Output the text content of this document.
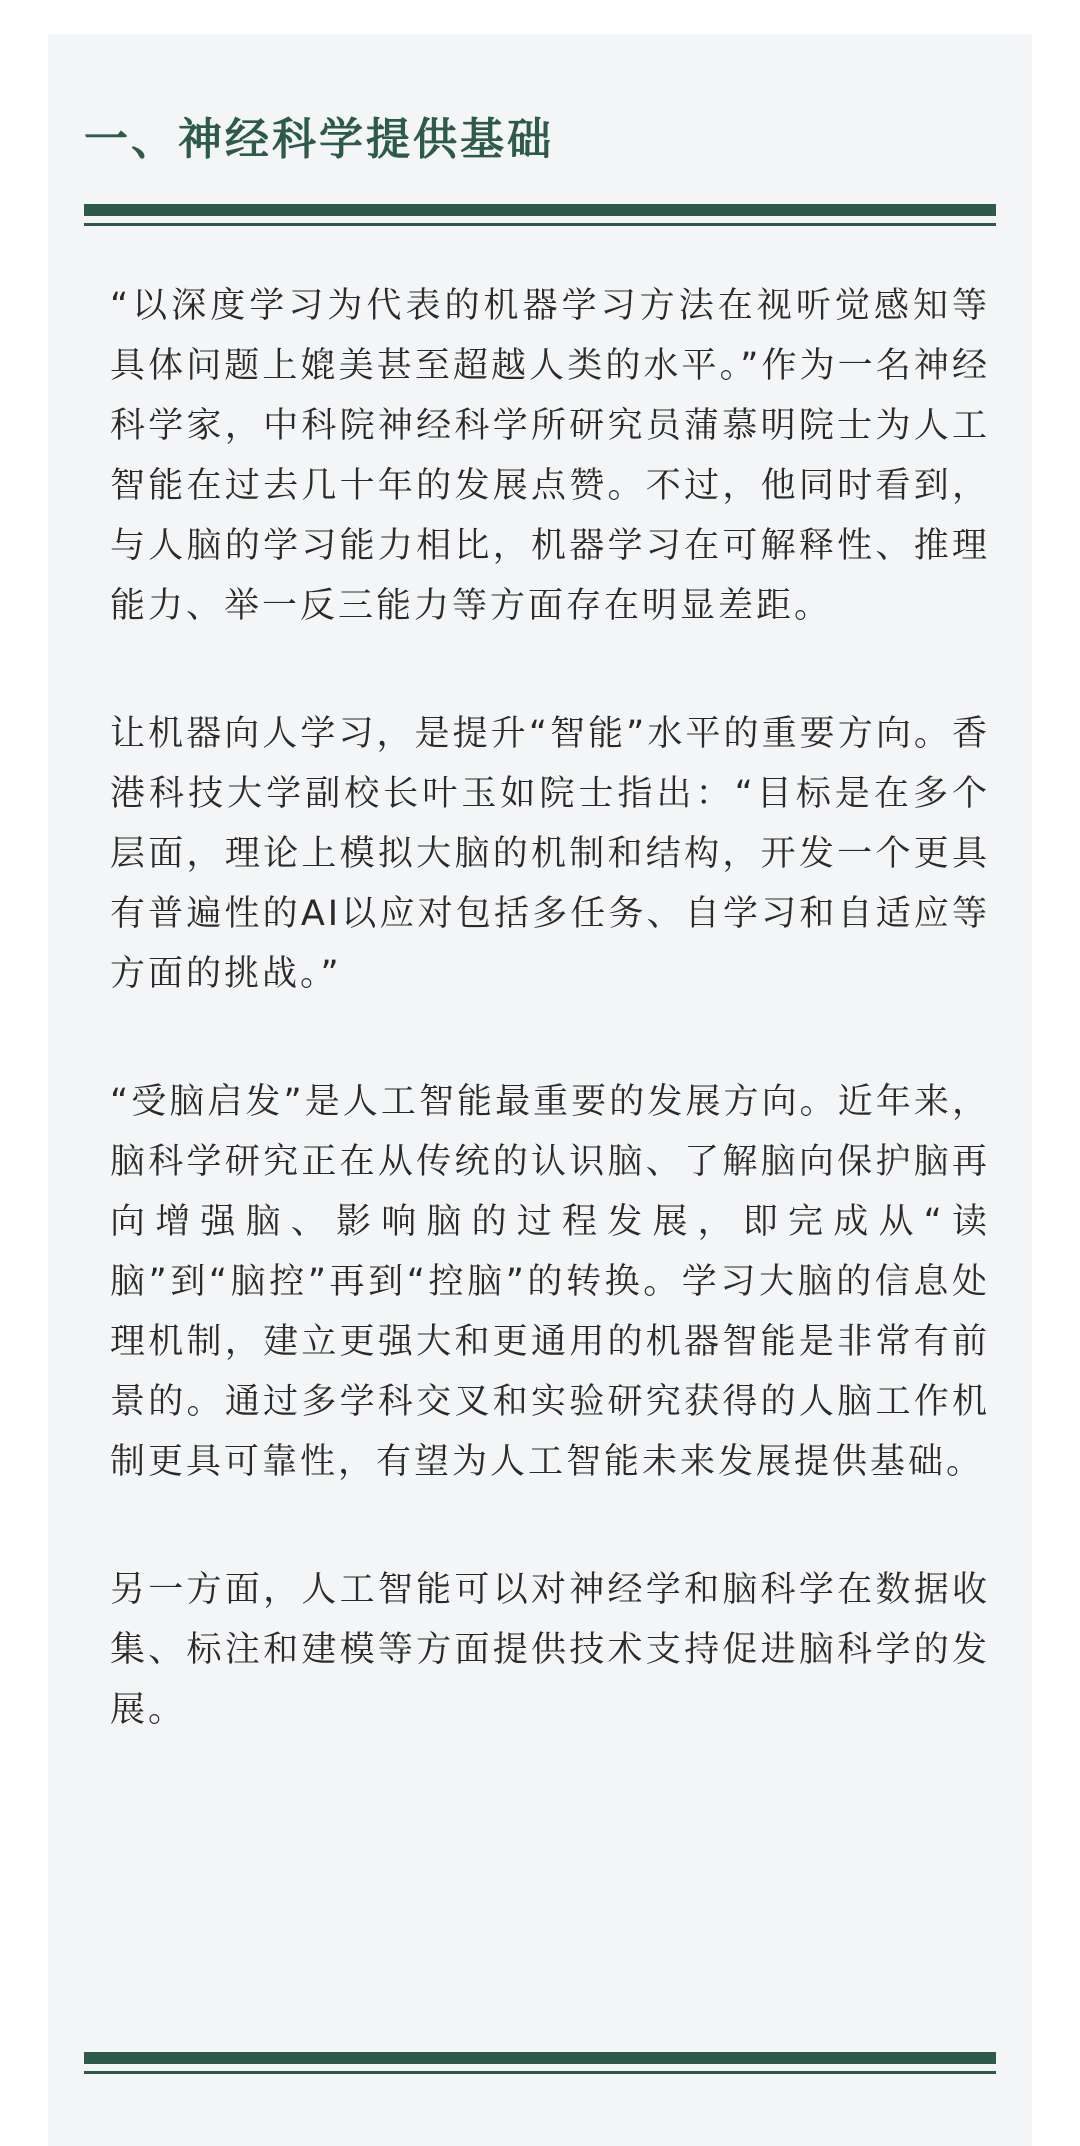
一、神经科学提供基础

“以深度学习为代表的机器学习方法在视听觉感知等具体问题上媲美甚至超越人类的水平。”作为一名神经科学家，中科院神经科学所研究员蒲慕明院士为人工智能在过去几十年的发展点赞。不过，他同时看到，与人脑的学习能力相比，机器学习在可解释性、推理能力、举一反三能力等方面存在明显差距。

让机器向人学习，是提升“智能”水平的重要方向。香港科技大学副校长叶玉如院士指出：“目标是在多个层面，理论上模拟大脑的机制和结构，开发一个更具有普遍性的AI以应对包括多任务、自学习和自适应等方面的挑战。”

“受脑启发”是人工智能最重要的发展方向。近年来，脑科学研究正在从传统的认识脑、了解脑向保护脑再向增强脑、影响脑的过程发展，即完成从“读脑”到“脑控”再到“控脑”的转换。学习大脑的信息处理机制，建立更强大和更通用的机器智能是非常有前景的。通过多学科交叉和实验研究获得的人脑工作机制更具可靠性，有望为人工智能未来发展提供基础。

另一方面，人工智能可以对神经学和脑科学在数据收集、标注和建模等方面提供技术支持促进脑科学的发展。
